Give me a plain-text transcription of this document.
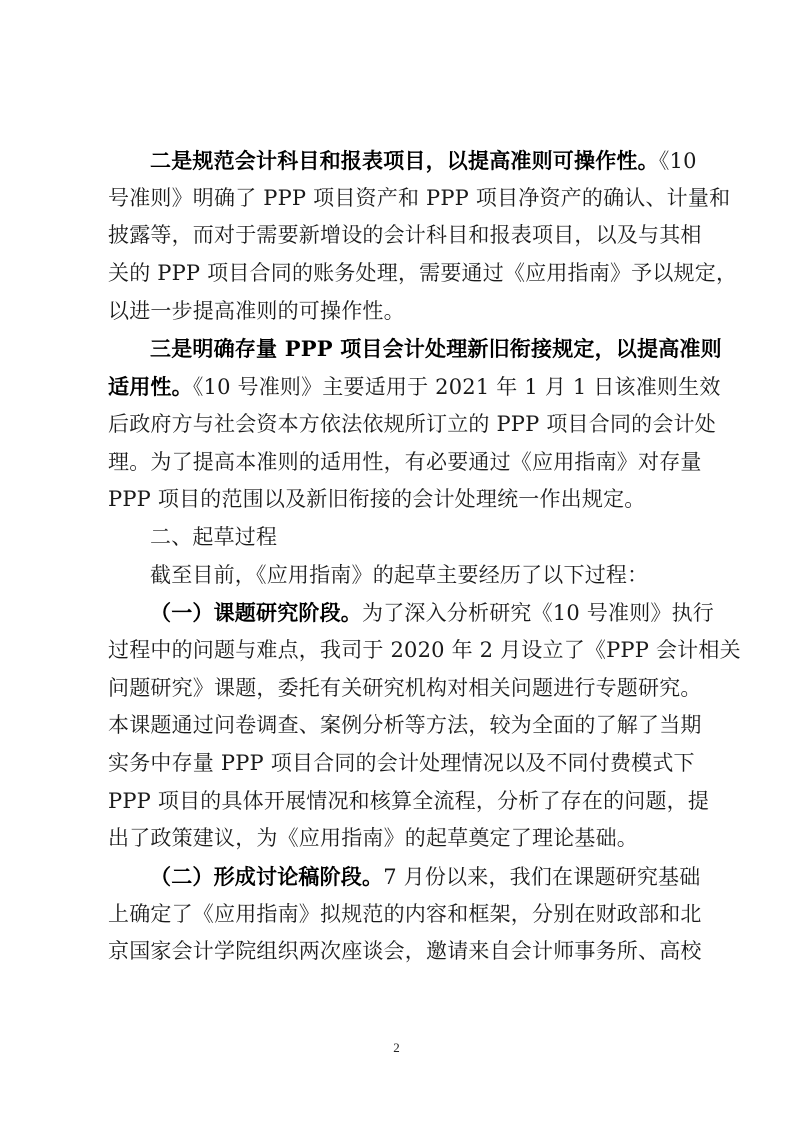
二是规范会计科目和报表项目，以提高准则可操作性。《10
号准则》明确了 PPP 项目资产和 PPP 项目净资产的确认、计量和
披露等，而对于需要新增设的会计科目和报表项目，以及与其相
关的 PPP 项目合同的账务处理，需要通过《应用指南》予以规定，
以进一步提高准则的可操作性。
三是明确存量 PPP 项目会计处理新旧衔接规定，以提高准则
适用性。《10 号准则》主要适用于 2021 年 1 月 1 日该准则生效
后政府方与社会资本方依法依规所订立的 PPP 项目合同的会计处
理。为了提高本准则的适用性，有必要通过《应用指南》对存量
PPP 项目的范围以及新旧衔接的会计处理统一作出规定。
二、起草过程
截至目前，《应用指南》的起草主要经历了以下过程：
（一）课题研究阶段。为了深入分析研究《10 号准则》执行
过程中的问题与难点，我司于 2020 年 2 月设立了《PPP 会计相关
问题研究》课题，委托有关研究机构对相关问题进行专题研究。
本课题通过问卷调查、案例分析等方法，较为全面的了解了当期
实务中存量 PPP 项目合同的会计处理情况以及不同付费模式下
PPP 项目的具体开展情况和核算全流程，分析了存在的问题，提
出了政策建议，为《应用指南》的起草奠定了理论基础。
（二）形成讨论稿阶段。7 月份以来，我们在课题研究基础
上确定了《应用指南》拟规范的内容和框架，分别在财政部和北
京国家会计学院组织两次座谈会，邀请来自会计师事务所、高校
2
